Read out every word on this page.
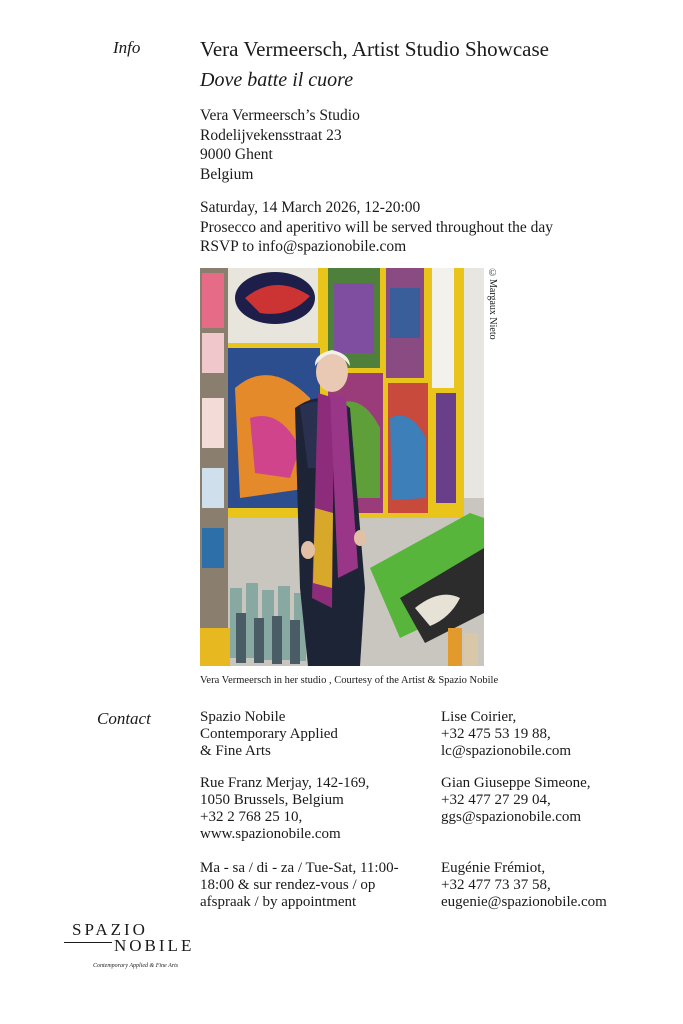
Info	Vera Vermeersch, Artist Studio Showcase
Dove batte il cuore
Vera Vermeersch’s Studio
Rodelijvekensstraat 23
9000 Ghent
Belgium
Saturday, 14 March 2026, 12-20:00
Prosecco and aperitivo will be served throughout the day
RSVP to info@spazionobile.com
©Margaux Nieto
Vera Vermeersch in her studio , Courtesy of the Artist & Spazio Nobile
Contact	Spazio Nobile
Contemporary Applied
& Fine Arts
Rue Franz Merjay, 142-169,
1050 Brussels, Belgium
+32 2 768 25 10,
www.spazionobile.com
Ma - sa / di - za / Tue-Sat, 11:00-
18:00 & sur rendez-vous / op
afspraak / by appointment
Lise Coirier,
+32 475 53 19 88,
lc@spazionobile.com
Gian Giuseppe Simeone,
+32 477 27 29 04,
ggs@spazionobile.com
Eugénie Frémiot,
+32 477 73 37 58,
eugenie@spazionobile.com
SPAZIO
NOBILE
Contemporary Applied & Fine Arts
